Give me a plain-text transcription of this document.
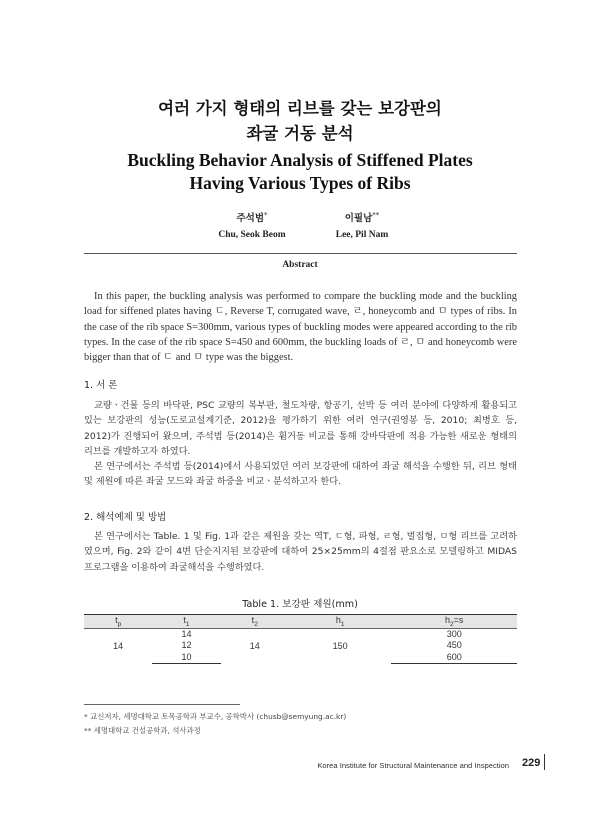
여러 가지 형태의 리브를 갖는 보강판의
좌굴 거동 분석
Buckling Behavior Analysis of Stiffened Plates
Having Various Types of Ribs
주석범*
Chu, Seok Beom
이필남**
Lee, Pil Nam
Abstract
In this paper, the buckling analysis was performed to compare the buckling mode and the buckling load for siffened plates having ㄷ, Reverse T, corrugated wave, ㄹ, honeycomb and ㅁ types of ribs. In the case of the rib space S=300mm, various types of buckling modes were appeared according to the rib types. In the case of the rib space S=450 and 600mm, the buckling loads of ㄹ, ㅁ and honeycomb were bigger than that of ㄷ and ㅁ type was the biggest.
1. 서 론

교량ㆍ건물 등의 바닥판, PSC 교량의 복부판, 철도차량, 항공기, 선박 등 여러 분야에 다양하게 활용되고 있는 보강판의 성능(도로교설계기준, 2012)을 평가하기 위한 여러 연구(권영봉 등, 2010; 최병호 등, 2012)가 진행되어 왔으며, 주석범 등(2014)은 휨거동 비교를 통해 강바닥판에 적용 가능한 새로운 형태의 리브를 개발하고자 하였다.

본 연구에서는 주석범 등(2014)에서 사용되었던 여러 보강판에 대하여 좌굴 해석을 수행한 뒤, 리브 형태 및 제원에 따른 좌굴 모드와 좌굴 하중을 비교ㆍ분석하고자 한다.

2. 해석예제 및 방법

본 연구에서는 Table. 1 및 Fig. 1과 같은 제원을 갖는 역T, ㄷ형, 파형, ㄹ형, 벌집형, ㅁ형 리브를 고려하였으며, Fig. 2와 같이 4변 단순지지된 보강판에 대하여 25×25mm의 4절점 판요소로 모델링하고 MIDAS 프로그램을 이용하여 좌굴해석을 수행하였다.

Table 1. 보강판 제원(mm)
$t_p$	$t_1$	$t_2$	$h_1$	$h_2=s$
14	14	14	150	300
	12			450
	10			600
* 교신저자, 세명대학교 토목공학과 부교수, 공학박사 (chusb@semyung.ac.kr)
** 세명대학교 건설공학과, 석사과정
Korea Institute for Structural Maintenance and Inspection 229
